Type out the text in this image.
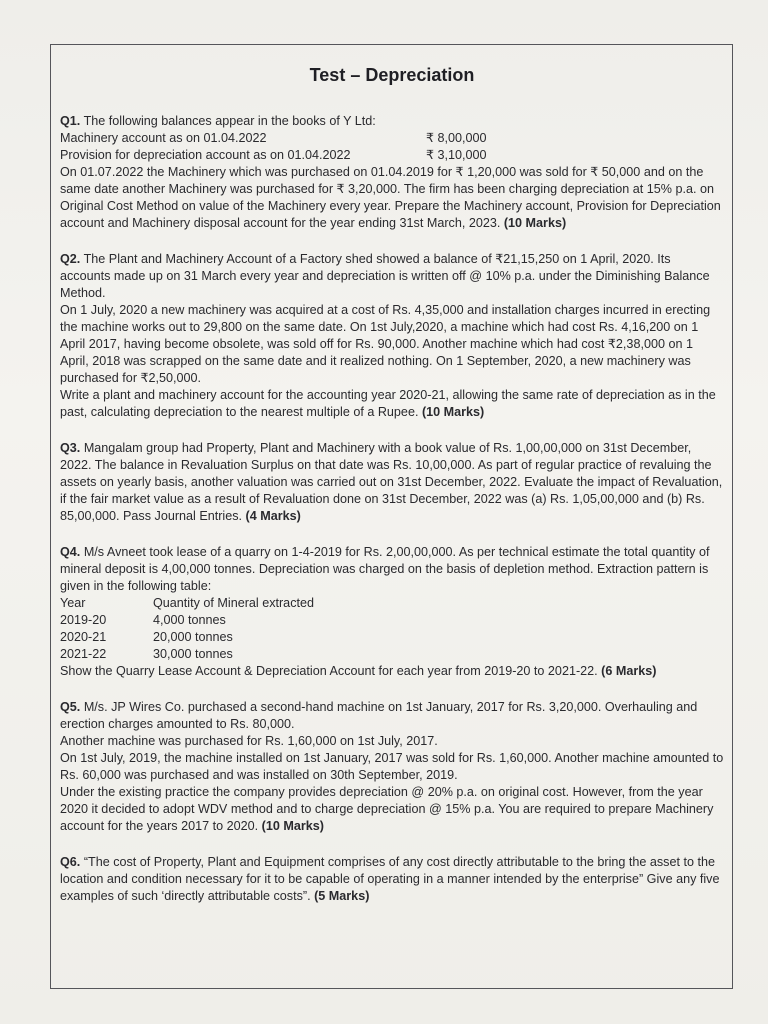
Test – Depreciation

Q1. The following balances appear in the books of Y Ltd:

Machinery account as on 01.04.2022	₹ 8,00,000
Provision for depreciation account as on 01.04.2022	₹ 3,10,000

On 01.07.2022 the Machinery which was purchased on 01.04.2019 for ₹ 1,20,000 was sold for ₹ 50,000 and on the same date another Machinery was purchased for ₹ 3,20,000. The firm has been charging depreciation at 15% p.a. on Original Cost Method on value of the Machinery every year. Prepare the Machinery account, Provision for Depreciation account and Machinery disposal account for the year ending 31st March, 2023. (10 Marks)

Q2. The Plant and Machinery Account of a Factory shed showed a balance of ₹21,15,250 on 1 April, 2020. Its accounts made up on 31 March every year and depreciation is written off @ 10% p.a. under the Diminishing Balance Method.

On 1 July, 2020 a new machinery was acquired at a cost of Rs. 4,35,000 and installation charges incurred in erecting the machine works out to 29,800 on the same date. On 1st July,2020, a machine which had cost Rs. 4,16,200 on 1 April 2017, having become obsolete, was sold off for Rs. 90,000. Another machine which had cost ₹2,38,000 on 1 April, 2018 was scrapped on the same date and it realized nothing. On 1 September, 2020, a new machinery was purchased for ₹2,50,000.

Write a plant and machinery account for the accounting year 2020-21, allowing the same rate of depreciation as in the past, calculating depreciation to the nearest multiple of a Rupee. (10 Marks)

Q3. Mangalam group had Property, Plant and Machinery with a book value of Rs. 1,00,00,000 on 31st December, 2022. The balance in Revaluation Surplus on that date was Rs. 10,00,000. As part of regular practice of revaluing the assets on yearly basis, another valuation was carried out on 31st December, 2022. Evaluate the impact of Revaluation, if the fair market value as a result of Revaluation done on 31st December, 2022 was (a) Rs. 1,05,00,000 and (b) Rs. 85,00,000. Pass Journal Entries. (4 Marks)

Q4. M/s Avneet took lease of a quarry on 1-4-2019 for Rs. 2,00,00,000. As per technical estimate the total quantity of mineral deposit is 4,00,000 tonnes. Depreciation was charged on the basis of depletion method. Extraction pattern is given in the following table:

Year	Quantity of Mineral extracted
2019-20	4,000 tonnes
2020-21	20,000 tonnes
2021-22	30,000 tonnes

Show the Quarry Lease Account & Depreciation Account for each year from 2019-20 to 2021-22. (6 Marks)

Q5. M/s. JP Wires Co. purchased a second-hand machine on 1st January, 2017 for Rs. 3,20,000. Overhauling and erection charges amounted to Rs. 80,000.

Another machine was purchased for Rs. 1,60,000 on 1st July, 2017.

On 1st July, 2019, the machine installed on 1st January, 2017 was sold for Rs. 1,60,000. Another machine amounted to Rs. 60,000 was purchased and was installed on 30th September, 2019.

Under the existing practice the company provides depreciation @ 20% p.a. on original cost. However, from the year 2020 it decided to adopt WDV method and to charge depreciation @ 15% p.a. You are required to prepare Machinery account for the years 2017 to 2020. (10 Marks)

Q6. “The cost of Property, Plant and Equipment comprises of any cost directly attributable to the bring the asset to the location and condition necessary for it to be capable of operating in a manner intended by the enterprise” Give any five examples of such ‘directly attributable costs”. (5 Marks)
